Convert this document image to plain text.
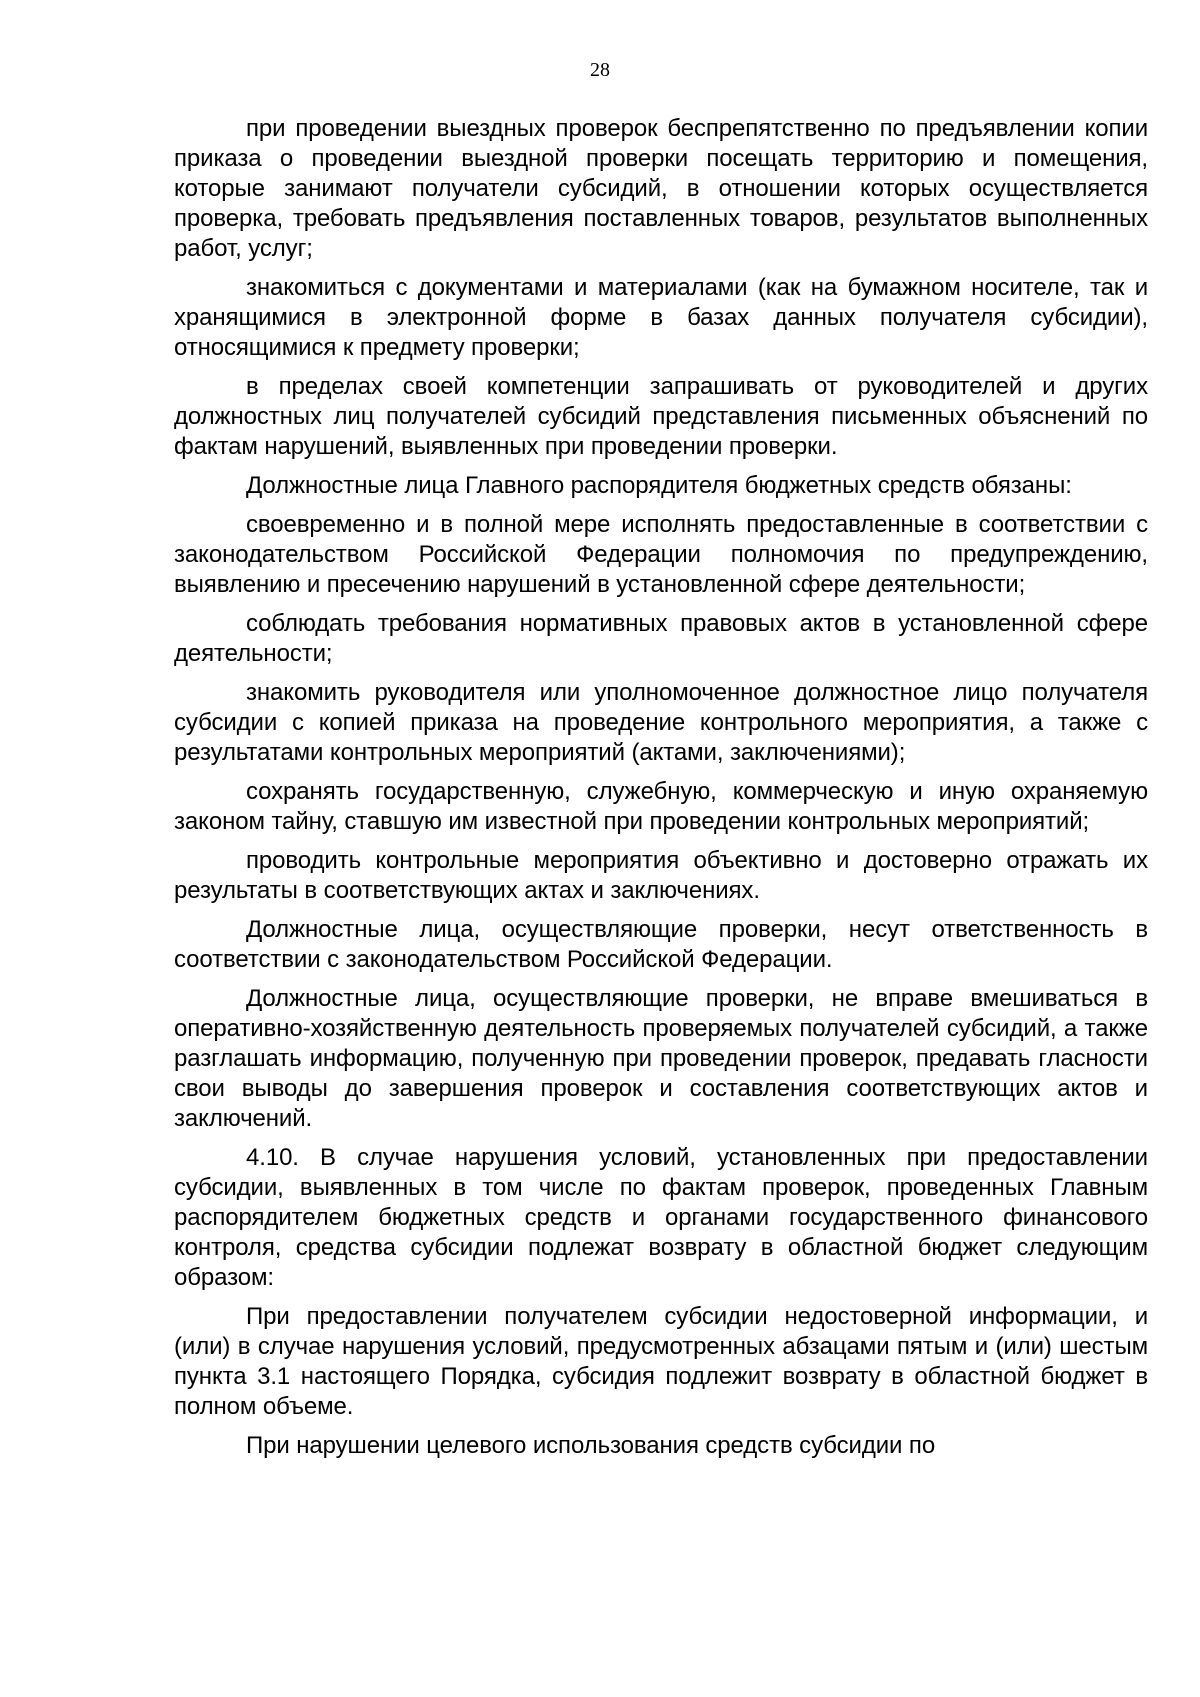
28

при проведении выездных проверок беспрепятственно по предъявлении копии приказа о проведении выездной проверки посещать территорию и помещения, которые занимают получатели субсидий, в отношении которых осуществляется проверка, требовать предъявления поставленных товаров, результатов выполненных работ, услуг;

знакомиться с документами и материалами (как на бумажном носителе, так и хранящимися в электронной форме в базах данных получателя субсидии), относящимися к предмету проверки;

в пределах своей компетенции запрашивать от руководителей и других должностных лиц получателей субсидий представления письменных объяснений по фактам нарушений, выявленных при проведении проверки.

Должностные лица Главного распорядителя бюджетных средств обязаны:

своевременно и в полной мере исполнять предоставленные в соответствии с законодательством Российской Федерации полномочия по предупреждению, выявлению и пресечению нарушений в установленной сфере деятельности;

соблюдать требования нормативных правовых актов в установленной сфере деятельности;

знакомить руководителя или уполномоченное должностное лицо получателя субсидии с копией приказа на проведение контрольного мероприятия, а также с результатами контрольных мероприятий (актами, заключениями);

сохранять государственную, служебную, коммерческую и иную охраняемую законом тайну, ставшую им известной при проведении контрольных мероприятий;

проводить контрольные мероприятия объективно и достоверно отражать их результаты в соответствующих актах и заключениях.

Должностные лица, осуществляющие проверки, несут ответственность в соответствии с законодательством Российской Федерации.

Должностные лица, осуществляющие проверки, не вправе вмешиваться в оперативно-хозяйственную деятельность проверяемых получателей субсидий, а также разглашать информацию, полученную при проведении проверок, предавать гласности свои выводы до завершения проверок и составления соответствующих актов и заключений.

4.10. В случае нарушения условий, установленных при предоставлении субсидии, выявленных в том числе по фактам проверок, проведенных Главным распорядителем бюджетных средств и органами государственного финансового контроля, средства субсидии подлежат возврату в областной бюджет следующим образом:

При предоставлении получателем субсидии недостоверной информации, и (или) в случае нарушения условий, предусмотренных абзацами пятым и (или) шестым пункта 3.1 настоящего Порядка, субсидия подлежит возврату в областной бюджет в полном объеме.

При нарушении целевого использования средств субсидии по
